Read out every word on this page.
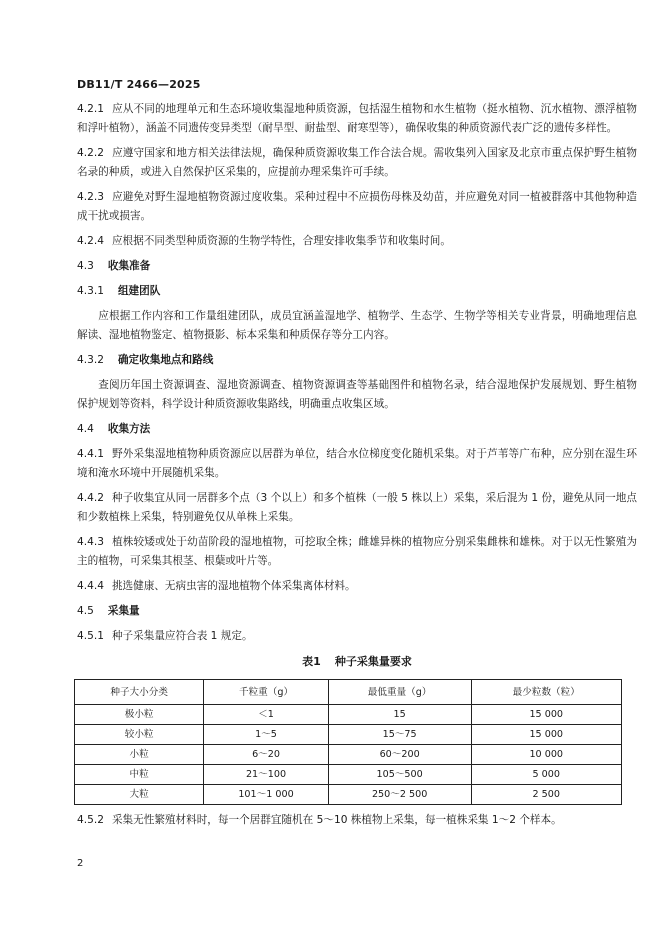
DB11/T 2466—2025

4.2.1 应从不同的地理单元和生态环境收集湿地种质资源，包括湿生植物和水生植物（挺水植物、沉水植物、漂浮植物和浮叶植物），涵盖不同遗传变异类型（耐旱型、耐盐型、耐寒型等），确保收集的种质资源代表广泛的遗传多样性。

4.2.2 应遵守国家和地方相关法律法规，确保种质资源收集工作合法合规。需收集列入国家及北京市重点保护野生植物名录的种质，或进入自然保护区采集的，应提前办理采集许可手续。

4.2.3 应避免对野生湿地植物资源过度收集。采种过程中不应损伤母株及幼苗，并应避免对同一植被群落中其他物种造成干扰或损害。

4.2.4 应根据不同类型种质资源的生物学特性，合理安排收集季节和收集时间。

4.3 收集准备

4.3.1 组建团队

应根据工作内容和工作量组建团队，成员宜涵盖湿地学、植物学、生态学、生物学等相关专业背景，明确地理信息解读、湿地植物鉴定、植物摄影、标本采集和种质保存等分工内容。

4.3.2 确定收集地点和路线

查阅历年国土资源调查、湿地资源调查、植物资源调查等基础图件和植物名录，结合湿地保护发展规划、野生植物保护规划等资料，科学设计种质资源收集路线，明确重点收集区域。

4.4 收集方法

4.4.1 野外采集湿地植物种质资源应以居群为单位，结合水位梯度变化随机采集。对于芦苇等广布种，应分别在湿生环境和淹水环境中开展随机采集。

4.4.2 种子收集宜从同一居群多个点（3 个以上）和多个植株（一般 5 株以上）采集，采后混为 1 份，避免从同一地点和少数植株上采集，特别避免仅从单株上采集。

4.4.3 植株较矮或处于幼苗阶段的湿地植物，可挖取全株；雌雄异株的植物应分别采集雌株和雄株。对于以无性繁殖为主的植物，可采集其根茎、根蘖或叶片等。

4.4.4 挑选健康、无病虫害的湿地植物个体采集离体材料。

4.5 采集量

4.5.1 种子采集量应符合表 1 规定。

表1 种子采集量要求
种子大小分类	千粒重（g）	最低重量（g）	最少粒数（粒）
极小粒	＜1	15	15 000
较小粒	1～5	15～75	15 000
小粒	6～20	60～200	10 000
中粒	21～100	105～500	5 000
大粒	101～1 000	250～2 500	2 500

4.5.2 采集无性繁殖材料时，每一个居群宜随机在 5～10 株植物上采集，每一植株采集 1～2 个样本。

2
